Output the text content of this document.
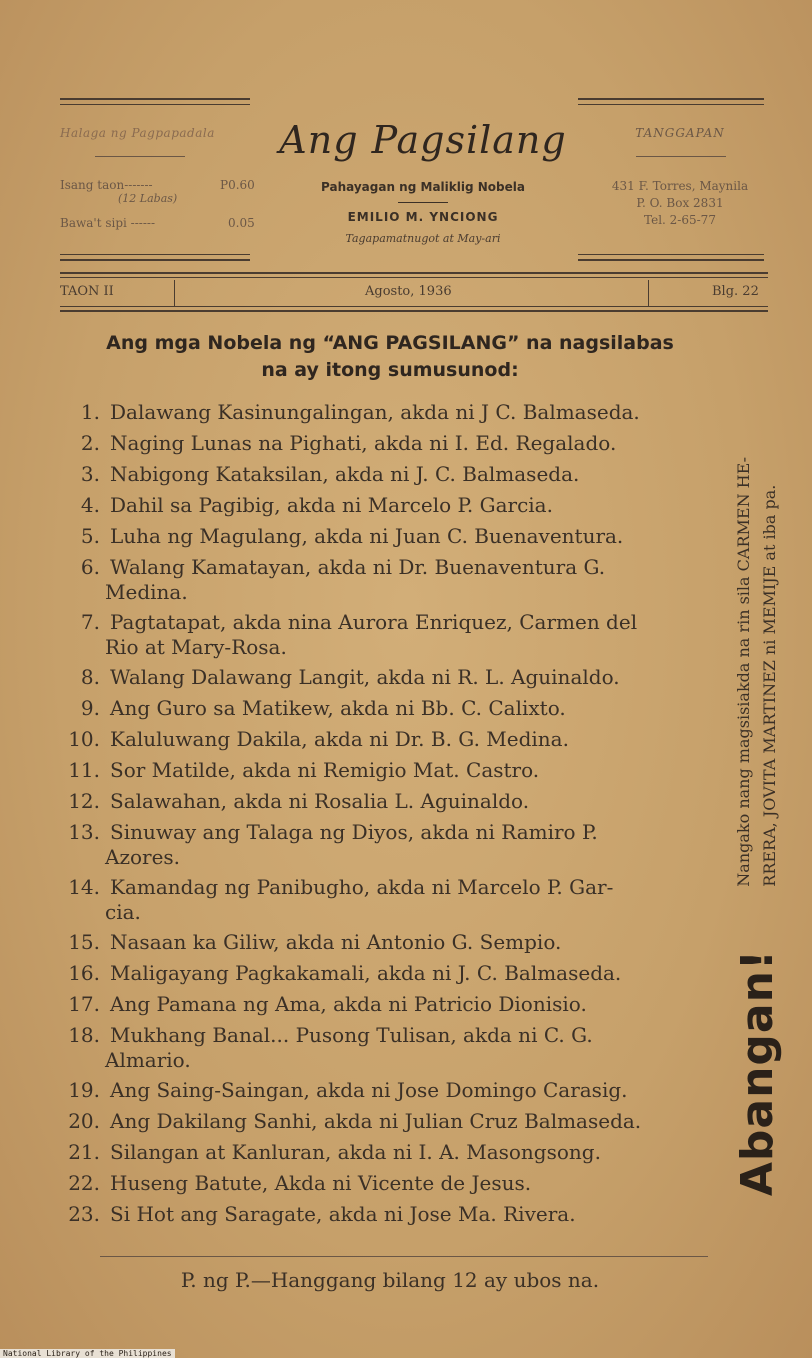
Halaga ng Pagpapadala
Isang taon-------	P0.60
(12 Labas)
Bawa't sipi ------	0.05
Ang Pagsilang
Pahayagan ng Maliklig Nobela
EMILIO M. YNCIONG
Tagapamatnugot at May-ari
TANGGAPAN
431 F. Torres, Maynila
P. O. Box 2831
Tel. 2-65-77
TAON II	Agosto, 1936	Blg. 22
Ang mga Nobela ng “ANG PAGSILANG” na nagsilabas
na ay itong sumusunod:
1. Dalawang Kasinungalingan, akda ni J C. Balmaseda.
2. Naging Lunas na Pighati, akda ni I. Ed. Regalado.
3. Nabigong Kataksilan, akda ni J. C. Balmaseda.
4. Dahil sa Pagibig, akda ni Marcelo P. Garcia.
5. Luha ng Magulang, akda ni Juan C. Buenaventura.
6. Walang Kamatayan, akda ni Dr. Buenaventura G.
Medina.
7. Pagtatapat, akda nina Aurora Enriquez, Carmen del
Rio at Mary-Rosa.
8. Walang Dalawang Langit, akda ni R. L. Aguinaldo.
9. Ang Guro sa Matikew, akda ni Bb. C. Calixto.
10. Kaluluwang Dakila, akda ni Dr. B. G. Medina.
11. Sor Matilde, akda ni Remigio Mat. Castro.
12. Salawahan, akda ni Rosalia L. Aguinaldo.
13. Sinuway ang Talaga ng Diyos, akda ni Ramiro P.
Azores.
14. Kamandag ng Panibugho, akda ni Marcelo P. Gar-
cia.
15. Nasaan ka Giliw, akda ni Antonio G. Sempio.
16. Maligayang Pagkakamali, akda ni J. C. Balmaseda.
17. Ang Pamana ng Ama, akda ni Patricio Dionisio.
18. Mukhang Banal... Pusong Tulisan, akda ni C. G.
Almario.
19. Ang Saing-Saingan, akda ni Jose Domingo Carasig.
20. Ang Dakilang Sanhi, akda ni Julian Cruz Balmaseda.
21. Silangan at Kanluran, akda ni I. A. Masongsong.
22. Huseng Batute, Akda ni Vicente de Jesus.
23. Si Hot ang Saragate, akda ni Jose Ma. Rivera.
Nangako nang magsisiakda na rin sila CARMEN HE- RRERA, JOVITA MARTINEZ ni MEMIJE at iba pa.
Abangan!
P. ng P.—Hanggang bilang 12 ay ubos na.
National Library of the Philippines
